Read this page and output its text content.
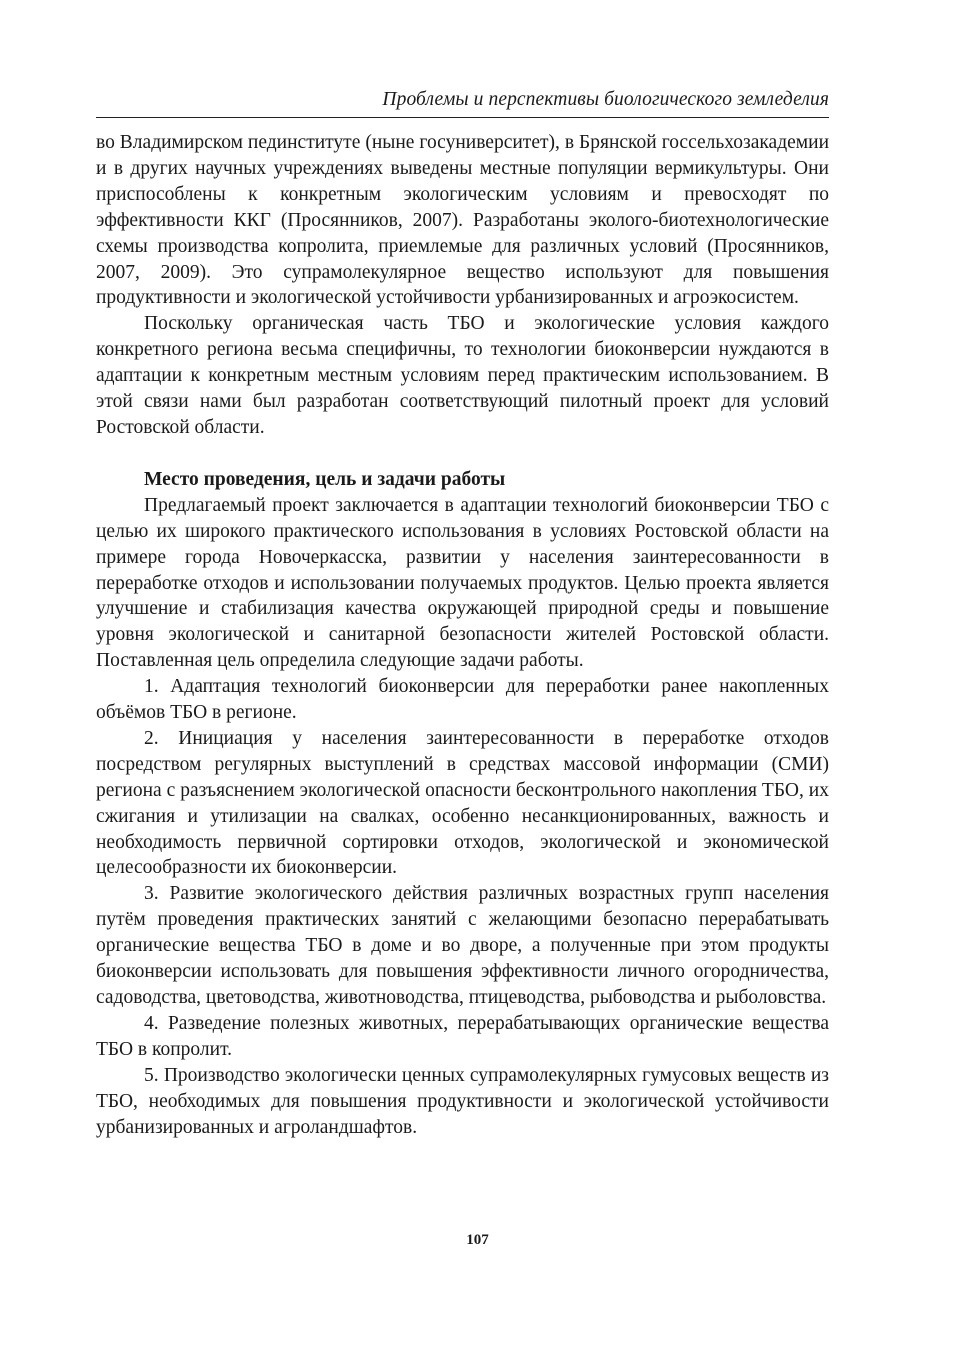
Проблемы и перспективы биологического земледелия

во Владимирском пединституте (ныне госуниверситет), в Брянской госсельхозакадемии и в других научных учреждениях выведены местные популяции вермикультуры. Они приспособлены к конкретным экологическим условиям и превосходят по эффективности ККГ (Просянников, 2007). Разработаны эколого-биотехнологические схемы производства копролита, приемлемые для различных условий (Просянников, 2007, 2009). Это супрамолекулярное вещество используют для повышения продуктивности и экологической устойчивости урбанизированных и агроэкосистем.

Поскольку органическая часть ТБО и экологические условия каждого конкретного региона весьма специфичны, то технологии биоконверсии нуждаются в адаптации к конкретным местным условиям перед практическим использованием. В этой связи нами был разработан соответствующий пилотный проект для условий Ростовской области.

Место проведения, цель и задачи работы

Предлагаемый проект заключается в адаптации технологий биоконверсии ТБО с целью их широкого практического использования в условиях Ростовской области на примере города Новочеркасска, развитии у населения заинтересованности в переработке отходов и использовании получаемых продуктов. Целью проекта является улучшение и стабилизация качества окружающей природной среды и повышение уровня экологической и санитарной безопасности жителей Ростовской области. Поставленная цель определила следующие задачи работы.

1. Адаптация технологий биоконверсии для переработки ранее накопленных объёмов ТБО в регионе.

2. Инициация у населения заинтересованности в переработке отходов посредством регулярных выступлений в средствах массовой информации (СМИ) региона с разъяснением экологической опасности бесконтрольного накопления ТБО, их сжигания и утилизации на свалках, особенно несанкционированных, важность и необходимость первичной сортировки отходов, экологической и экономической целесообразности их биоконверсии.

3. Развитие экологического действия различных возрастных групп населения путём проведения практических занятий с желающими безопасно перерабатывать органические вещества ТБО в доме и во дворе, а полученные при этом продукты биоконверсии использовать для повышения эффективности личного огородничества, садоводства, цветоводства, животноводства, птицеводства, рыбоводства и рыболовства.

4. Разведение полезных животных, перерабатывающих органические вещества ТБО в копролит.

5. Производство экологически ценных супрамолекулярных гумусовых веществ из ТБО, необходимых для повышения продуктивности и экологической устойчивости урбанизированных и агроландшафтов.

107
